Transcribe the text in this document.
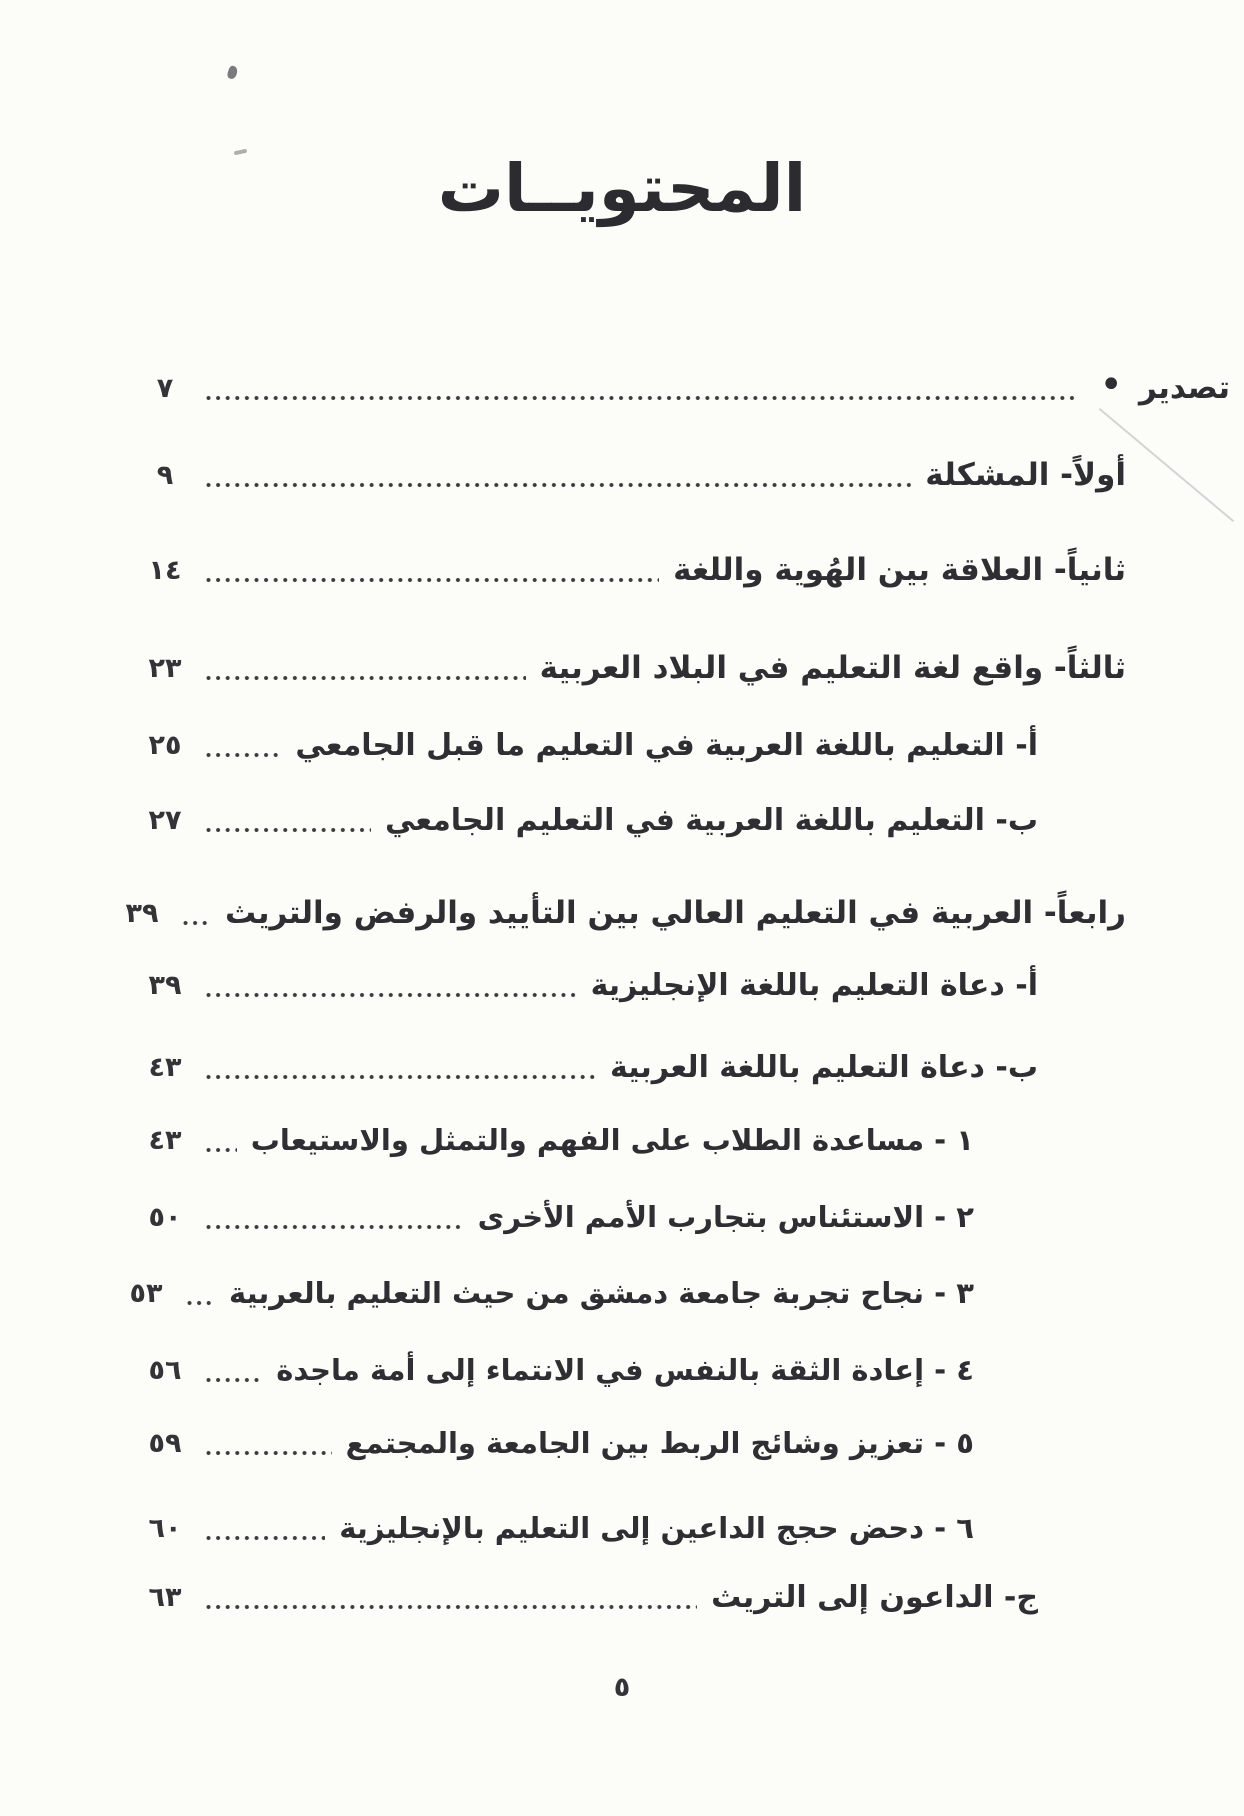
المحتويــات
تصدير
•
٧
أولاً- المشكلة
٩
ثانياً- العلاقة بين الهُوية واللغة
١٤
ثالثاً- واقع لغة التعليم في البلاد العربية
٢٣
أ- التعليم باللغة العربية في التعليم ما قبل الجامعي
٢٥
ب- التعليم باللغة العربية في التعليم الجامعي
٢٧
رابعاً- العربية في التعليم العالي بين التأييد والرفض والتريث
٣٩
أ- دعاة التعليم باللغة الإنجليزية
٣٩
ب- دعاة التعليم باللغة العربية
٤٣
١ - مساعدة الطلاب على الفهم والتمثل والاستيعاب
٤٣
٢ - الاستئناس بتجارب الأمم الأخرى
٥٠
٣ - نجاح تجربة جامعة دمشق من حيث التعليم بالعربية
٥٣
٤ - إعادة الثقة بالنفس في الانتماء إلى أمة ماجدة
٥٦
٥ - تعزيز وشائج الربط بين الجامعة والمجتمع
٥٩
٦ - دحض حجج الداعين إلى التعليم بالإنجليزية
٦٠
ج- الداعون إلى التريث
٦٣
٥
